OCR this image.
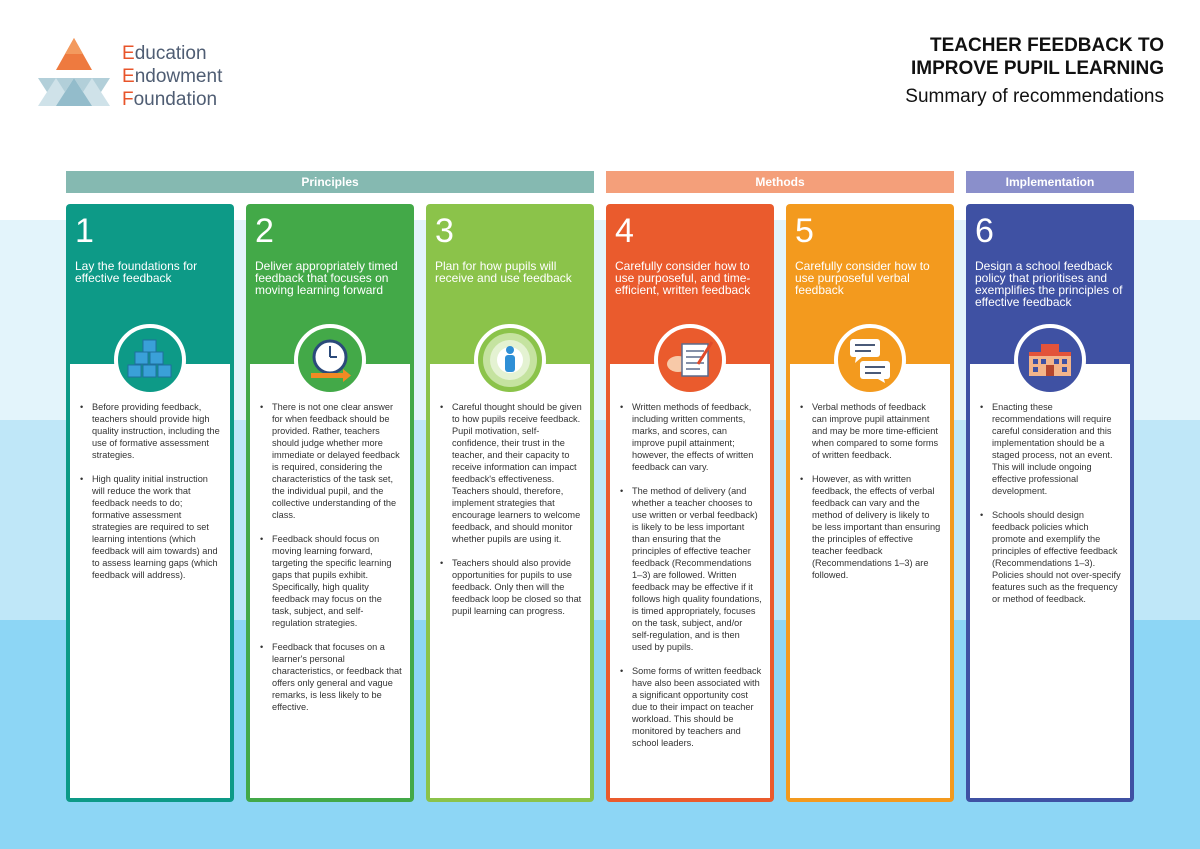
Education
Endowment
Foundation
TEACHER FEEDBACK TO
IMPROVE PUPIL LEARNING
Summary of recommendations
Principles	Methods	Implementation
1
Lay the foundations for effective feedback
• Before providing feedback, teachers should provide high quality instruction, including the use of formative assessment strategies.
• High quality initial instruction will reduce the work that feedback needs to do; formative assessment strategies are required to set learning intentions (which feedback will aim towards) and to assess learning gaps (which feedback will address).
2
Deliver appropriately timed feedback that focuses on moving learning forward
• There is not one clear answer for when feedback should be provided. Rather, teachers should judge whether more immediate or delayed feedback is required, considering the characteristics of the task set, the individual pupil, and the collective understanding of the class.
• Feedback should focus on moving learning forward, targeting the specific learning gaps that pupils exhibit. Specifically, high quality feedback may focus on the task, subject, and self-regulation strategies.
• Feedback that focuses on a learner's personal characteristics, or feedback that offers only general and vague remarks, is less likely to be effective.
3
Plan for how pupils will receive and use feedback
• Careful thought should be given to how pupils receive feedback. Pupil motivation, self-confidence, their trust in the teacher, and their capacity to receive information can impact feedback's effectiveness. Teachers should, therefore, implement strategies that encourage learners to welcome feedback, and should monitor whether pupils are using it.
• Teachers should also provide opportunities for pupils to use feedback. Only then will the feedback loop be closed so that pupil learning can progress.
4
Carefully consider how to use purposeful, and time-efficient, written feedback
• Written methods of feedback, including written comments, marks, and scores, can improve pupil attainment; however, the effects of written feedback can vary.
• The method of delivery (and whether a teacher chooses to use written or verbal feedback) is likely to be less important than ensuring that the principles of effective teacher feedback (Recommendations 1–3) are followed. Written feedback may be effective if it follows high quality foundations, is timed appropriately, focuses on the task, subject, and/or self-regulation, and is then used by pupils.
• Some forms of written feedback have also been associated with a significant opportunity cost due to their impact on teacher workload. This should be monitored by teachers and school leaders.
5
Carefully consider how to use purposeful verbal feedback
• Verbal methods of feedback can improve pupil attainment and may be more time-efficient when compared to some forms of written feedback.
• However, as with written feedback, the effects of verbal feedback can vary and the method of delivery is likely to be less important than ensuring the principles of effective teacher feedback (Recommendations 1–3) are followed.
6
Design a school feedback policy that prioritises and exemplifies the principles of effective feedback
• Enacting these recommendations will require careful consideration and this implementation should be a staged process, not an event. This will include ongoing effective professional development.
• Schools should design feedback policies which promote and exemplify the principles of effective feedback (Recommendations 1–3). Policies should not over-specify features such as the frequency or method of feedback.
